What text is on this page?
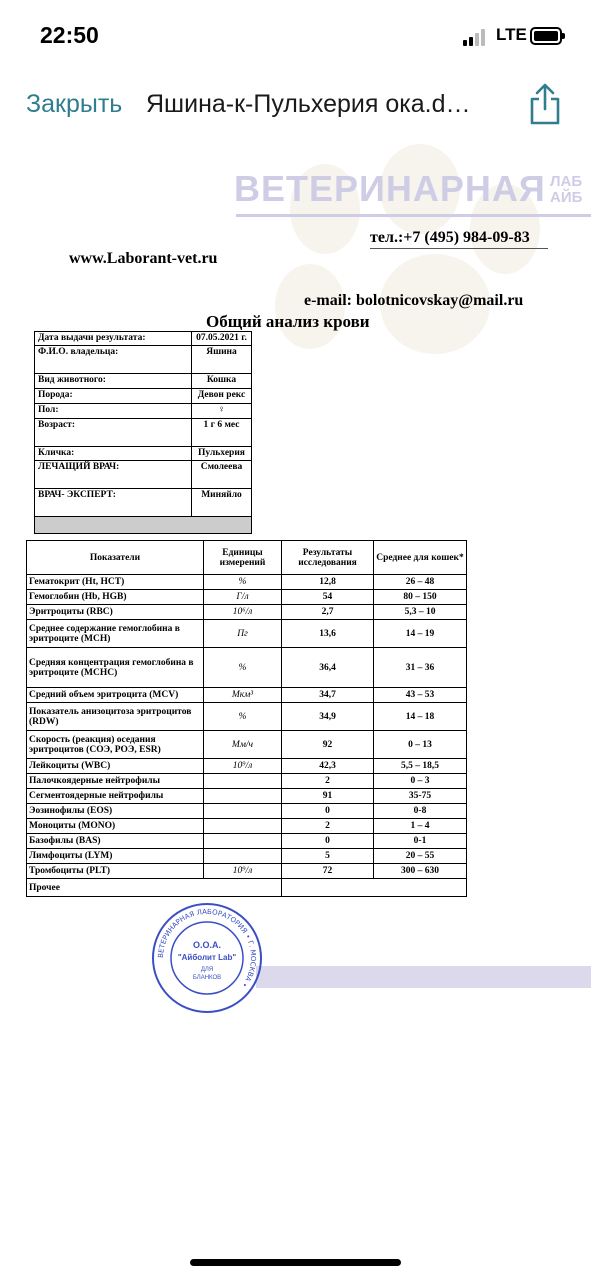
22:50	LTE
Закрыть Яшина-к-Пульхерия ока.d…
ВЕТЕРИНАРНАЯ ЛАБ
АЙБ
тел.:+7 (495) 984-09-83
www.Laborant-vet.ru
e-mail: bolotnicovskay@mail.ru
Общий анализ крови
Дата выдачи результата:	07.05.2021 г.
Ф.И.О. владельца:	Яшина
Вид животного:	Кошка
Порода:	Девон рекс
Пол:	♀
Возраст:	1 г 6 мес
Кличка:	Пульхерия
ЛЕЧАЩИЙ ВРАЧ:	Смолеева
ВРАЧ- ЭКСПЕРТ:	Миняйло

Показатели	Единицы измерений	Результаты исследования	Среднее для кошек*
Гематокрит (Ht, HCT)	%	12,8	26 – 48
Гемоглобин (Hb, HGB)	Г/л	54	80 – 150
Эритроциты (RBC)	10⁶/л	2,7	5,3 – 10
Среднее содержание гемоглобина в эритроците (MCH)	Пг	13,6	14 – 19
Средняя концентрация гемоглобина в эритроците (MCHC)	%	36,4	31 – 36
Средний объем эритроцита (MCV)	Мкм³	34,7	43 – 53
Показатель анизоцитоза эритроцитов (RDW)	%	34,9	14 – 18
Скорость (реакция) оседания эритроцитов (СОЭ, РОЭ, ESR)	Мм/ч	92	0 – 13
Лейкоциты (WBC)	10⁹/л	42,3	5,5 – 18,5
Палочкоядерные нейтрофилы		2	0 – 3
Сегментоядерные нейтрофилы		91	35-75
Эозинофилы (EOS)		0	0-8
Моноциты (MONO)		2	1 – 4
Базофилы (BAS)		0	0-1
Лимфоциты (LYM)		5	20 – 55
Тромбоциты (PLT)	10⁹/л	72	300 – 630
Прочее			
ВЕТЕРИНАРНАЯ ЛАБОРАТОРИЯ • Г. МОСКВА •
О.О.А.
"Айболит Lab"
ДЛЯ
БЛАНКОВ
